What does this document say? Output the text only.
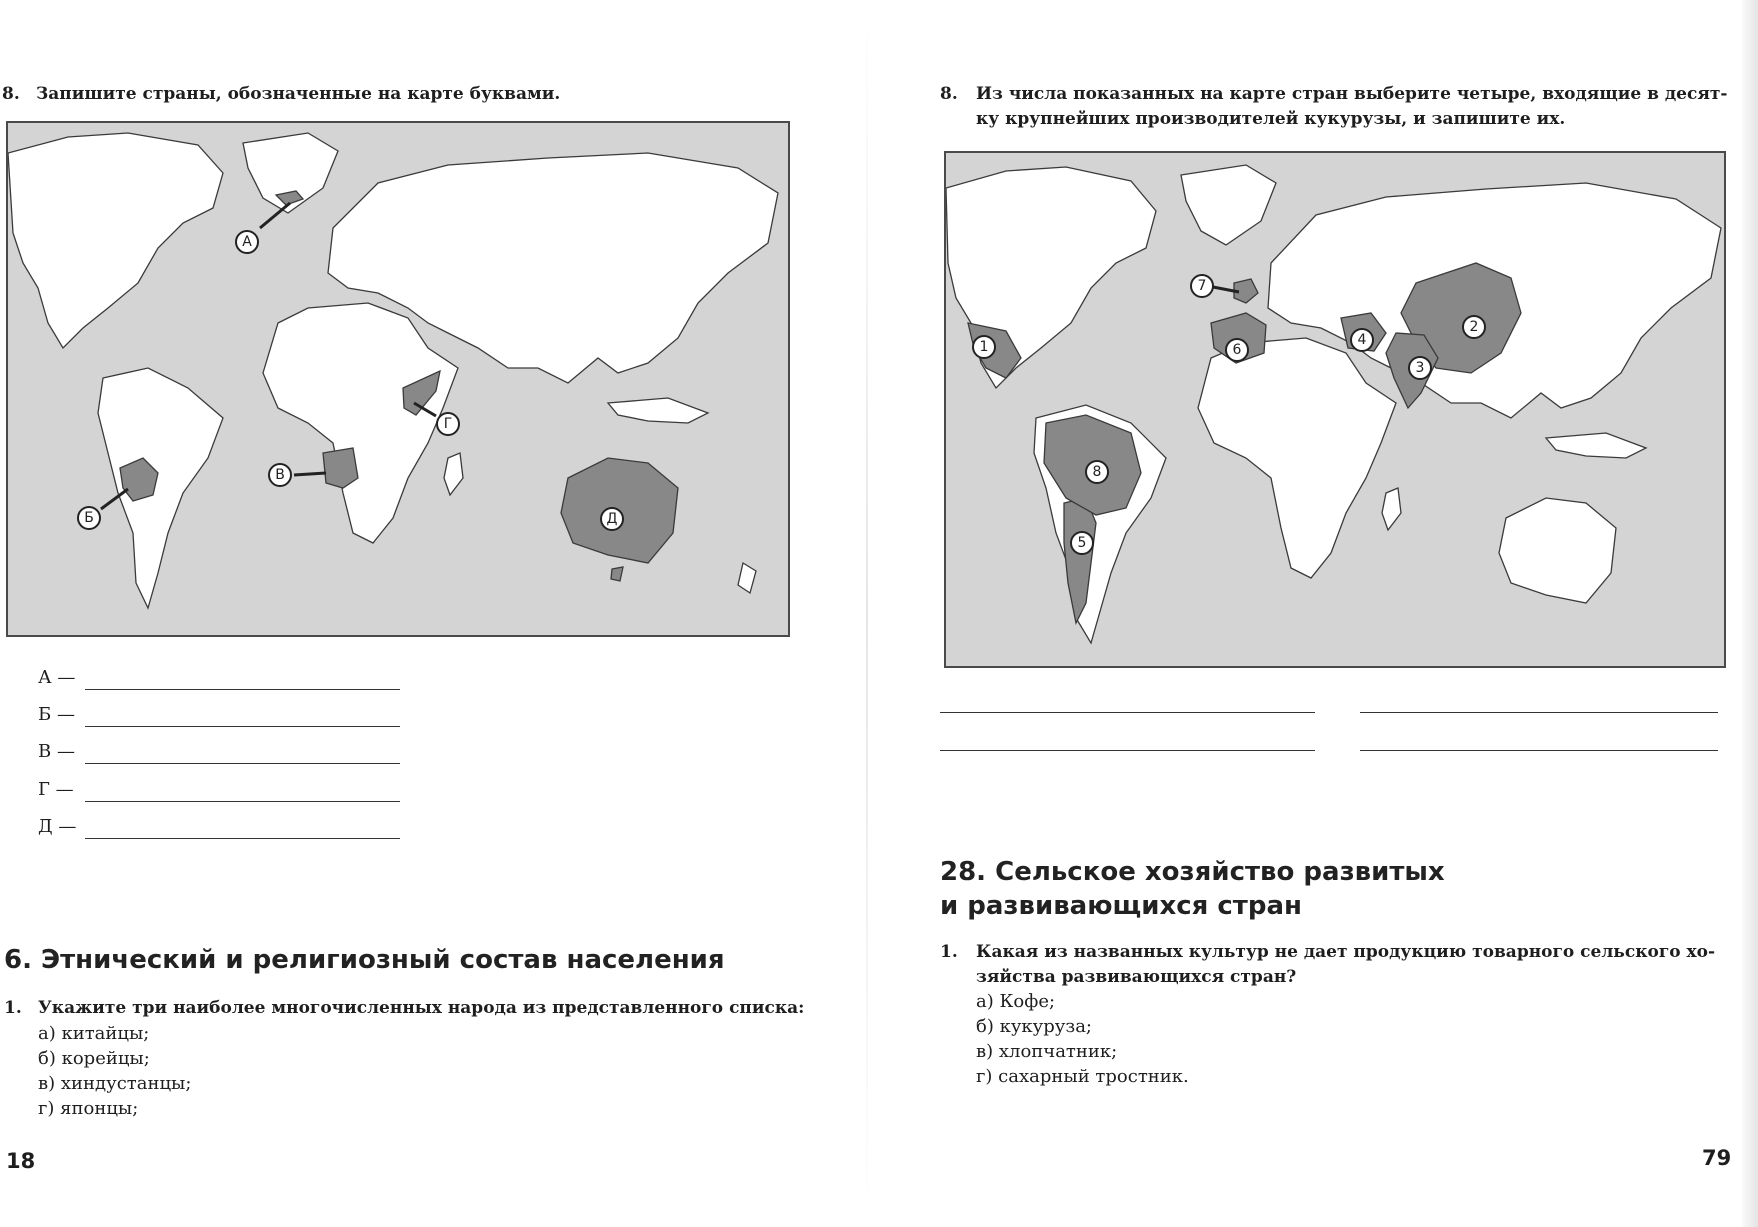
8. Запишите страны, обозначенные на карте буквами.
А
Б
В
Г
Д
А —
Б —
В —
Г —
Д —
6. Этнический и религиозный состав населения
1. Укажите три наиболее многочисленных народа из представленного списка:
а) китайцы;
б) корейцы;
в) хиндустанцы;
г) японцы;
18
8.	Из числа показанных на карте стран выберите четыре, входящие в десят- ку крупнейших производителей кукурузы, и запишите их.
1
2
3
4
5
6
7
8
28. Сельское хозяйство развитых
и развивающихся стран
1.	Какая из названных культур не дает продукцию товарного сельского хо- зяйства развивающихся стран?
а) Кофе;
б) кукуруза;
в) хлопчатник;
г) сахарный тростник.
79
